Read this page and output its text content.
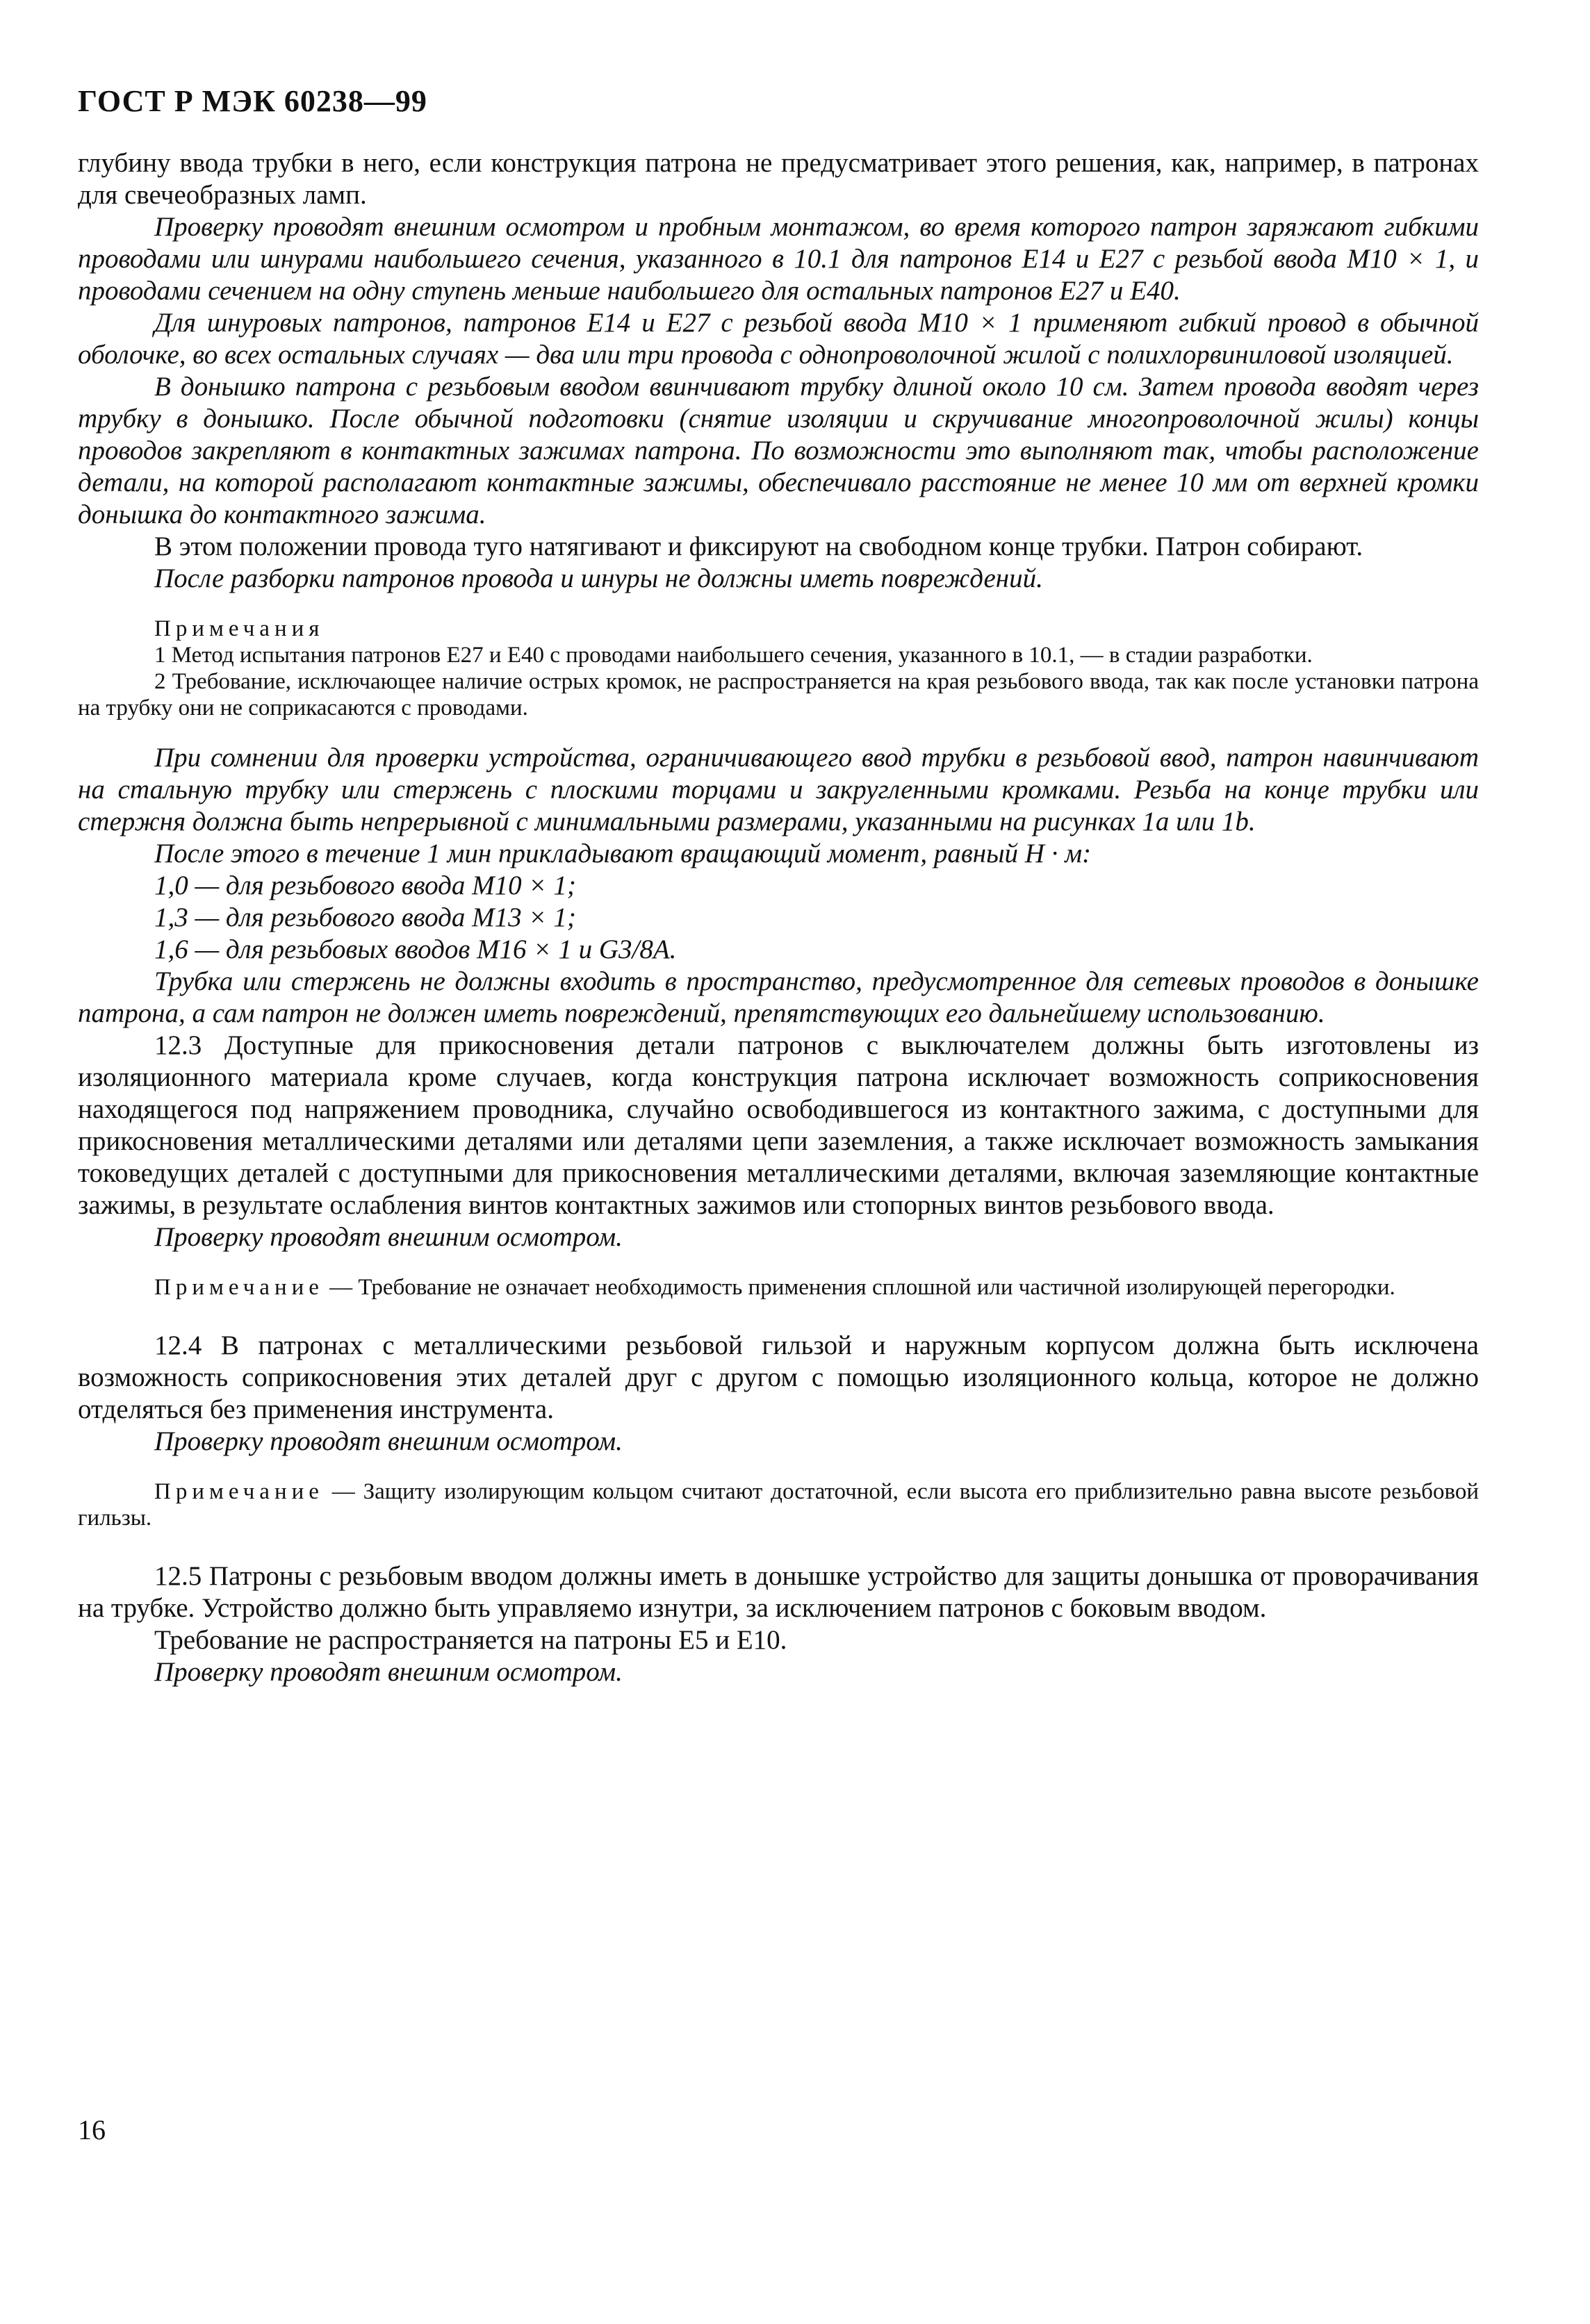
ГОСТ Р МЭК 60238—99

глубину ввода трубки в него, если конструкция патрона не предусматривает этого решения, как, например, в патронах для свечеобразных ламп.

Проверку проводят внешним осмотром и пробным монтажом, во время которого патрон заряжают гибкими проводами или шнурами наибольшего сечения, указанного в 10.1 для патронов E14 и E27 с резьбой ввода M10 × 1, и проводами сечением на одну ступень меньше наибольшего для остальных патронов E27 и E40.

Для шнуровых патронов, патронов E14 и E27 с резьбой ввода M10 × 1 применяют гибкий провод в обычной оболочке, во всех остальных случаях — два или три провода с однопроволочной жилой с полихлорвиниловой изоляцией.

В донышко патрона с резьбовым вводом ввинчивают трубку длиной около 10 см. Затем провода вводят через трубку в донышко. После обычной подготовки (снятие изоляции и скручивание многопроволочной жилы) концы проводов закрепляют в контактных зажимах патрона. По возможности это выполняют так, чтобы расположение детали, на которой располагают контактные зажимы, обеспечивало расстояние не менее 10 мм от верхней кромки донышка до контактного зажима.

В этом положении провода туго натягивают и фиксируют на свободном конце трубки. Патрон собирают.

После разборки патронов провода и шнуры не должны иметь повреждений.

Примечания

1 Метод испытания патронов E27 и E40 с проводами наибольшего сечения, указанного в 10.1, — в стадии разработки.

2 Требование, исключающее наличие острых кромок, не распространяется на края резьбового ввода, так как после установки патрона на трубку они не соприкасаются с проводами.

При сомнении для проверки устройства, ограничивающего ввод трубки в резьбовой ввод, патрон навинчивают на стальную трубку или стержень с плоскими торцами и закругленными кромками. Резьба на конце трубки или стержня должна быть непрерывной с минимальными размерами, указанными на рисунках 1a или 1b.

После этого в течение 1 мин прикладывают вращающий момент, равный Н · м:

1,0 — для резьбового ввода M10 × 1;

1,3 — для резьбового ввода M13 × 1;

1,6 — для резьбовых вводов M16 × 1 и G3/8A.

Трубка или стержень не должны входить в пространство, предусмотренное для сетевых проводов в донышке патрона, а сам патрон не должен иметь повреждений, препятствующих его дальнейшему использованию.

12.3 Доступные для прикосновения детали патронов с выключателем должны быть изготовлены из изоляционного материала кроме случаев, когда конструкция патрона исключает возможность соприкосновения находящегося под напряжением проводника, случайно освободившегося из контактного зажима, с доступными для прикосновения металлическими деталями или деталями цепи заземления, а также исключает возможность замыкания токоведущих деталей с доступными для прикосновения металлическими деталями, включая заземляющие контактные зажимы, в результате ослабления винтов контактных зажимов или стопорных винтов резьбового ввода.

Проверку проводят внешним осмотром.

Примечание — Требование не означает необходимость применения сплошной или частичной изолирующей перегородки.

12.4 В патронах с металлическими резьбовой гильзой и наружным корпусом должна быть исключена возможность соприкосновения этих деталей друг с другом с помощью изоляционного кольца, которое не должно отделяться без применения инструмента.

Проверку проводят внешним осмотром.

Примечание — Защиту изолирующим кольцом считают достаточной, если высота его приблизительно равна высоте резьбовой гильзы.

12.5 Патроны с резьбовым вводом должны иметь в донышке устройство для защиты донышка от проворачивания на трубке. Устройство должно быть управляемо изнутри, за исключением патронов с боковым вводом.

Требование не распространяется на патроны E5 и E10.

Проверку проводят внешним осмотром.

16
